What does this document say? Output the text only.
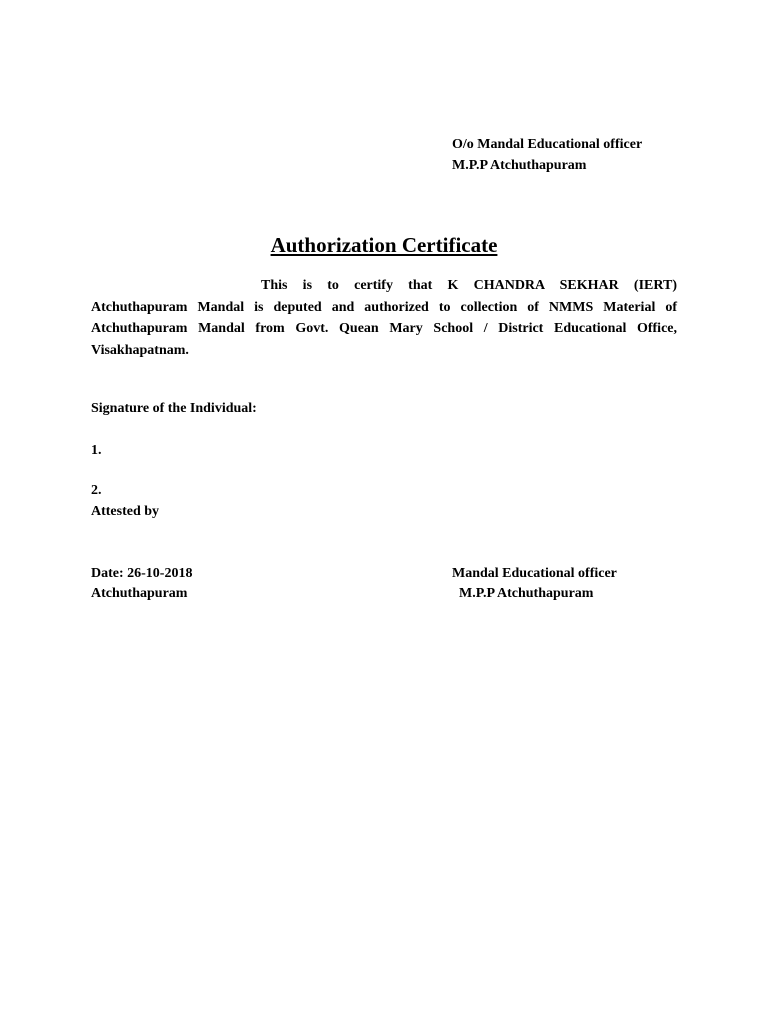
O/o Mandal Educational officer
M.P.P Atchuthapuram
Authorization Certificate
This is to certify that K CHANDRA SEKHAR (IERT) Atchuthapuram Mandal is deputed and authorized to collection of NMMS Material of Atchuthapuram Mandal from Govt. Quean Mary School / District Educational Office, Visakhapatnam.
Signature of the Individual:
1.
2.
Attested by
Date: 26-10-2018
Atchuthapuram
Mandal Educational officer
M.P.P Atchuthapuram
